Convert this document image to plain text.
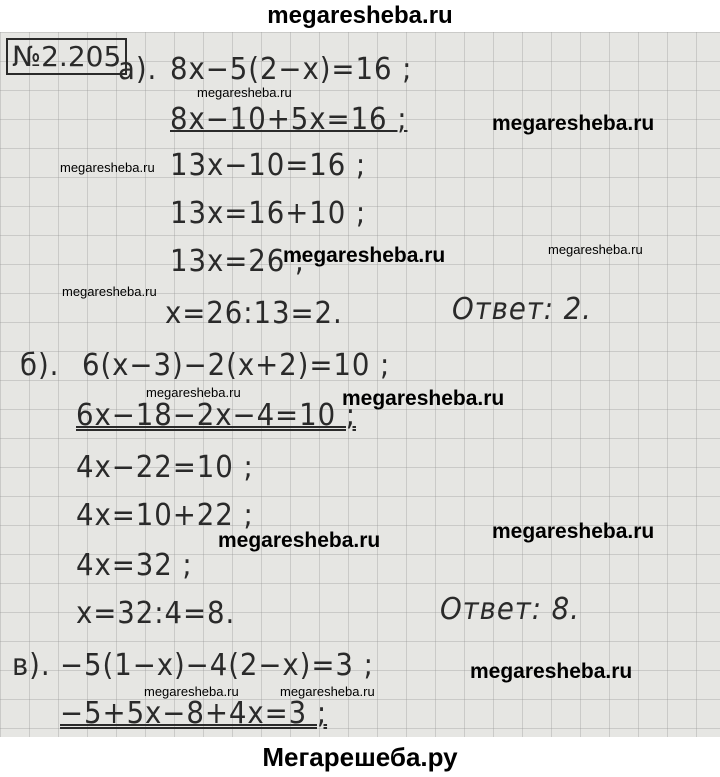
megaresheba.ru
№2.205
а). 8x−5(2−x)=16 ;
8x−10+5x=16 ;
13x−10=16 ;
13x=16+10 ;
13x=26 ;
x=26:13=2.	Ответ: 2.
б). 6(x−3)−2(x+2)=10 ;
6x−18−2x−4=10 ;
4x−22=10 ;
4x=10+22 ;
4x=32 ;
x=32:4=8.	Ответ: 8.
в). −5(1−x)−4(2−x)=3 ;
−5+5x−8+4x=3 ;
megaresheba.ru
megaresheba.ru
megaresheba.ru
megaresheba.ru	megaresheba.ru
megaresheba.ru
megaresheba.ru	megaresheba.ru
megaresheba.ru
megaresheba.ru
megaresheba.ru
megaresheba.ru	megaresheba.ru
Мегарешеба.ру
